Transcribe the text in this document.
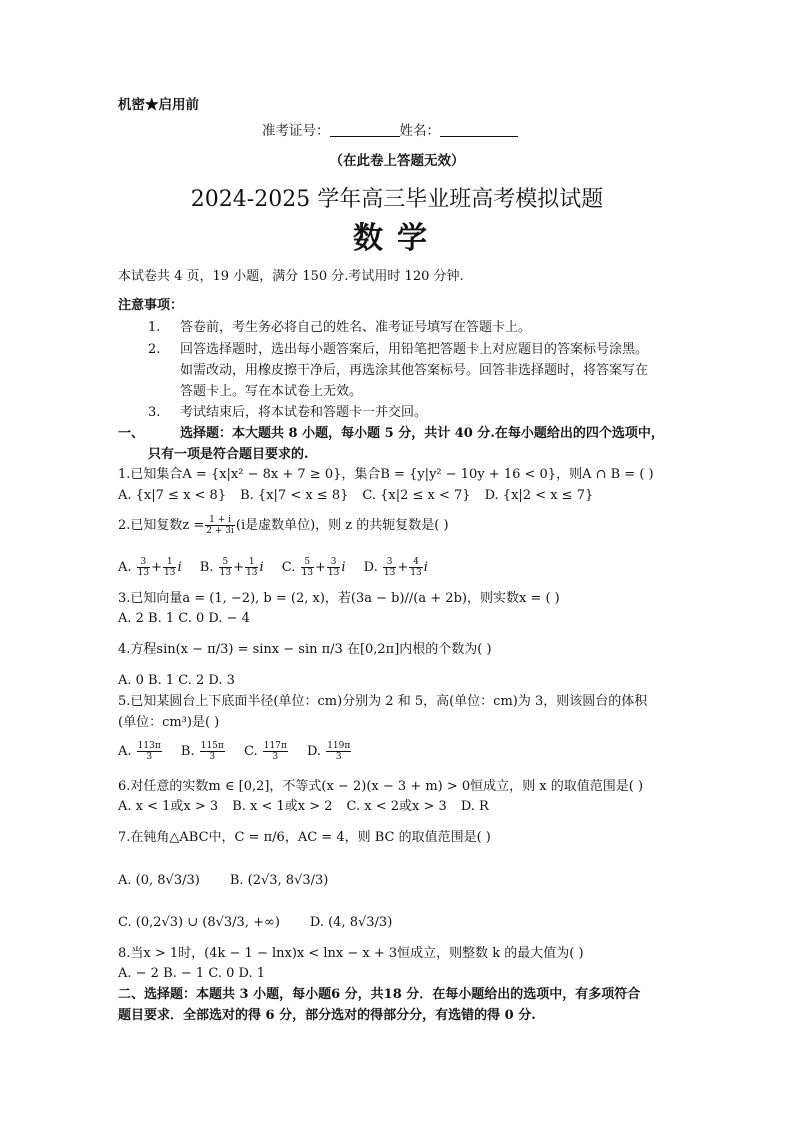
机密★启用前
准考证号：	姓名：
（在此卷上答题无效）
2024-2025 学年高三毕业班高考模拟试题
数学
本试卷共 4 页，19 小题，满分 150 分.考试用时 120 分钟.
注意事项：
1. 答卷前，考生务必将自己的姓名、准考证号填写在答题卡上。
2. 回答选择题时，选出每小题答案后，用铅笔把答题卡上对应题目的答案标号涂黑。
如需改动，用橡皮擦干净后，再选涂其他答案标号。回答非选择题时，将答案写在
答题卡上。写在本试卷上无效。
3. 考试结束后，将本试卷和答题卡一并交回。
一、	选择题：本大题共 8 小题，每小题 5 分，共计 40 分.在每小题给出的四个选项中，
只有一项是符合题目要求的.
1.已知集合A = {x|x² − 8x + 7 ≥ 0}，集合B = {y|y² − 10y + 16 < 0}，则A ∩ B = ( )
A. {x|7 ≤ x < 8} B. {x|7 < x ≤ 8} C. {x|2 ≤ x < 7} D. {x|2 < x ≤ 7}
2.已知复数$z = \frac{1 + i}{2 + 3i} (i$是虚数单位)，则 z 的共轭复数是( )
A. $\frac{3}{13} + \frac{1}{13}$ i B. $\frac{5}{13} + \frac{1}{13}$ i C. $\frac{5}{13} + \frac{3}{13}$ i D. $\frac{3}{13} + \frac{4}{13}$ i
3.已知向量a = (1, −2), b = (2, x)，若(3a − b)//(a + 2b)，则实数x = ( )
A. 2 B. 1 C. 0 D. − 4
4.方程sin(x − π/3) = sinx − sin π/3 在[0,2π]内根的个数为( )
A. 0 B. 1 C. 2 D. 3
5.已知某圆台上下底面半径(单位：cm)分别为 2 和 5，高(单位：cm)为 3，则该圆台的体积
(单位：cm³)是( )
A. $\frac{113\pi}{3} B$. $\frac{115\pi}{3} C$. $\frac{117\pi}{3} D$. $\frac{119\pi}{3}$
6.对任意的实数m ∈ [0,2]，不等式(x − 2)(x − 3 + m) > 0恒成立，则 x 的取值范围是( )
A. x < 1或x > 3 B. x < 1或x > 2 C. x < 2或x > 3 D. R
7.在钝角△ABC中，C = π/6，AC = 4，则 BC 的取值范围是( )
A. (0, 8√3/3) B. (2√3, 8√3/3)
C. (0,2√3) ∪ (8√3/3, +∞) D. (4, 8√3/3)
8.当x > 1时，(4k − 1 − lnx)x < lnx − x + 3恒成立，则整数 k 的最大值为( )
A. − 2 B. − 1 C. 0 D. 1
二、选择题：本题共 3 小题，每小题6 分，共18 分．在每小题给出的选项中，有多项符合
题目要求．全部选对的得 6 分，部分选对的得部分分，有选错的得 0 分.
